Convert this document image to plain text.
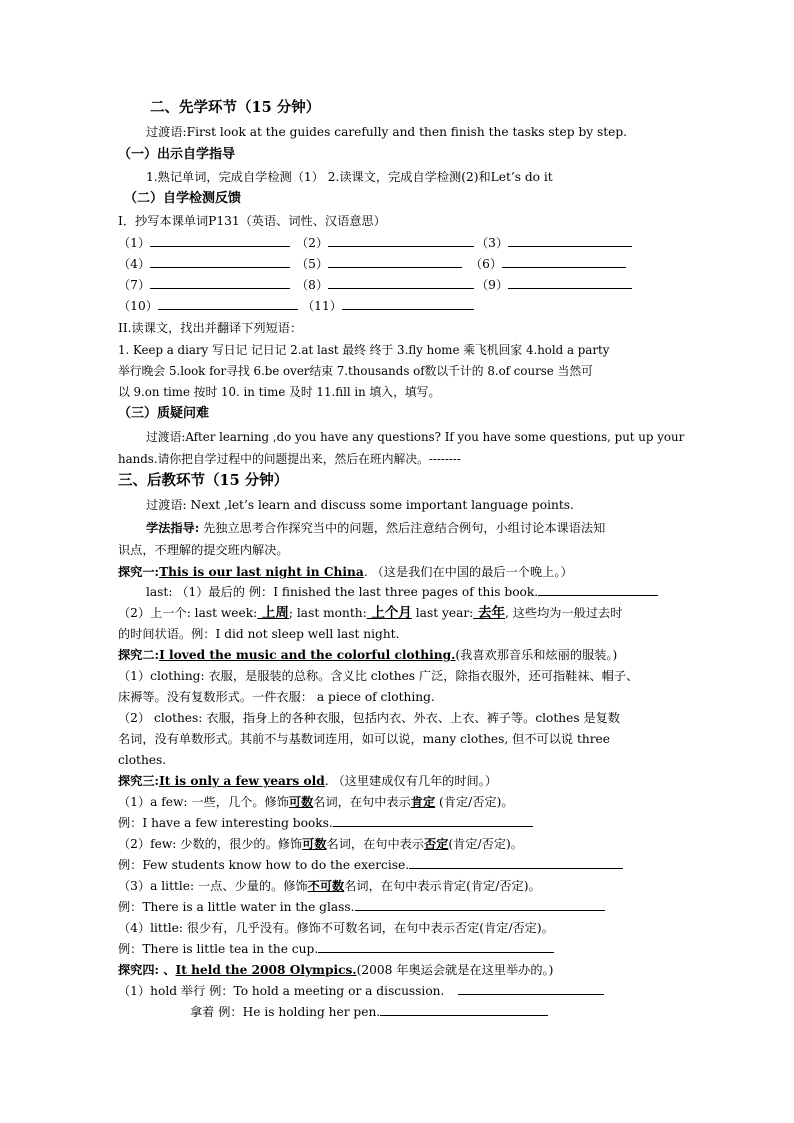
二、先学环节（15 分钟）
过渡语:First look at the guides carefully and then finish the tasks step by step.
（一）出示自学指导
1.熟记单词，完成自学检测（1） 2.读课文，完成自学检测(2)和Let’s do it
（二）自学检测反馈
I．抄写本课单词P131（英语、词性、汉语意思）
（1）	（2）	（3）
（4）	（5）	（6）
（7）	（8）	（9）
（10）	（11）
II.读课文，找出并翻译下列短语：
1. Keep a diary 写日记 记日记 2.at last 最终 终于 3.fly home 乘飞机回家 4.hold a party
举行晚会 5.look for寻找 6.be over结束 7.thousands of数以千计的 8.of course 当然可
以 9.on time 按时 10. in time 及时 11.fill in 填入，填写。
（三）质疑问难
过渡语:After learning ,do you have any questions? If you have some questions, put up your
hands.请你把自学过程中的问题提出来，然后在班内解决。--------
三、后教环节（15 分钟）
过渡语: Next ,let’s learn and discuss some important language points.
学法指导: 先独立思考合作探究当中的问题，然后注意结合例句，小组讨论本课语法知
识点，不理解的提交班内解决。
探究一:This is our last night in China. （这是我们在中国的最后一个晚上。）
last: （1）最后的 例：I finished the last three pages of this book.
（2）上一个: last week: 上周; last month: 上个月 last year: 去年, 这些均为一般过去时
的时间状语。例：I did not sleep well last night.
探究二:I loved the music and the colorful clothing.(我喜欢那音乐和炫丽的服装。)
（1）clothing: 衣服，是服装的总称。含义比 clothes 广泛，除指衣服外，还可指鞋袜、帽子、
床褥等。没有复数形式。一件衣服： a piece of clothing.
（2） clothes: 衣服，指身上的各种衣服，包括内衣、外衣、上衣、裤子等。clothes 是复数
名词，没有单数形式。其前不与基数词连用，如可以说，many clothes, 但不可以说 three
clothes.
探究三:It is only a few years old. （这里建成仅有几年的时间。）
（1）a few: 一些，几个。修饰可数名词，在句中表示肯定 (肯定/否定)。
例：I have a few interesting books.
（2）few: 少数的，很少的。修饰可数名词，在句中表示否定(肯定/否定)。
例：Few students know how to do the exercise.
（3）a little: 一点、少量的。修饰不可数名词，在句中表示肯定(肯定/否定)。
例：There is a little water in the glass.
（4）little: 很少有，几乎没有。修饰不可数名词，在句中表示否定(肯定/否定)。
例：There is little tea in the cup.
探究四: 、It held the 2008 Olympics.(2008 年奥运会就是在这里举办的。)
（1）hold 举行 例：To hold a meeting or a discussion.
拿着 例：He is holding her pen.
